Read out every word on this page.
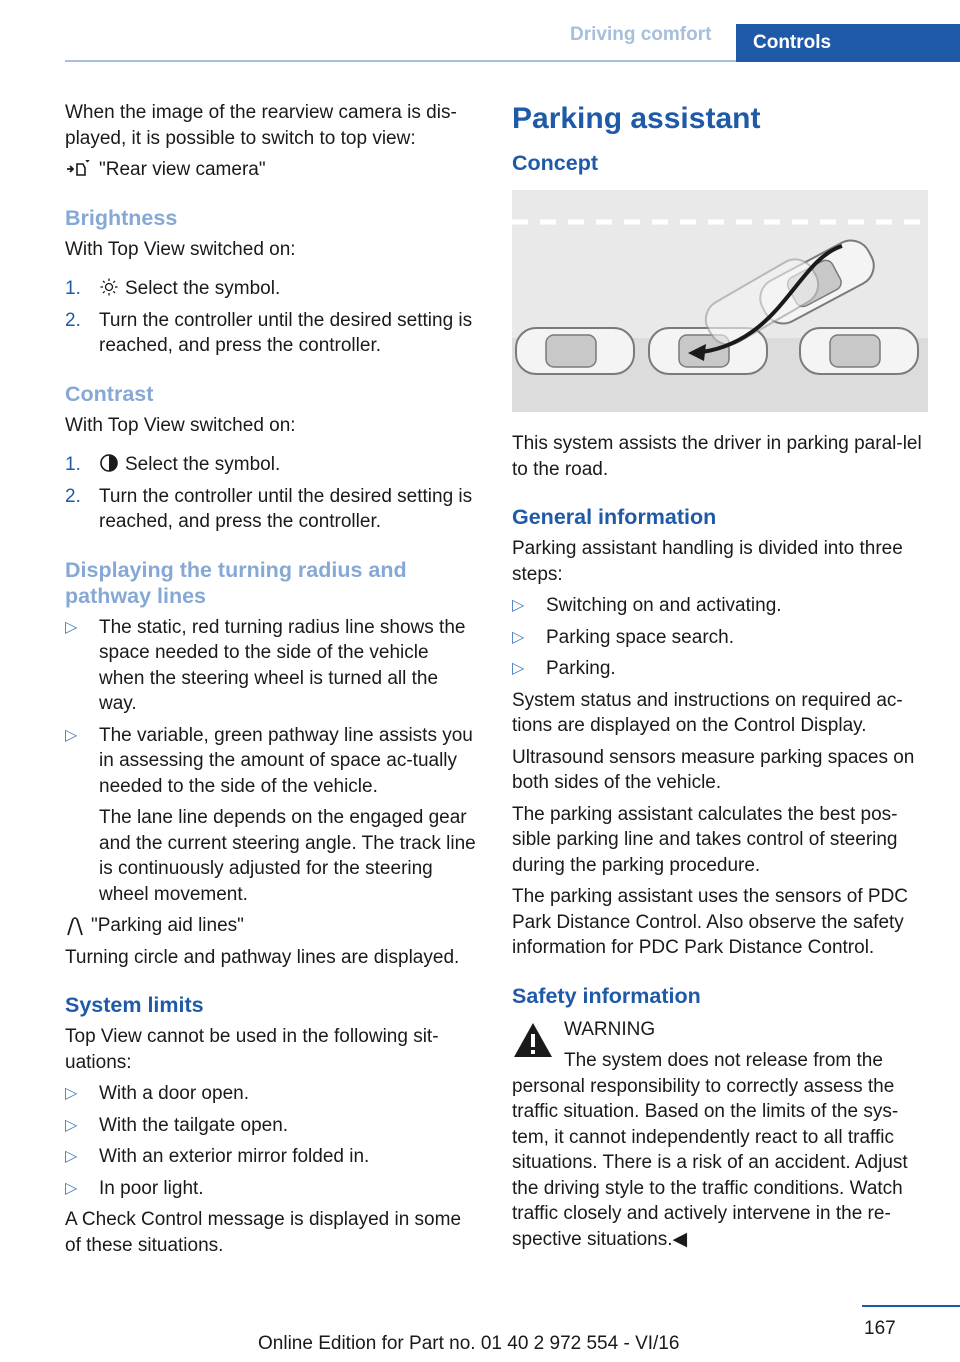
Driving comfort Controls

When the image of the rearview camera is dis‐played, it is possible to switch to top view:

"Rear view camera"
Brightness

With Top View switched on:

1. Select the symbol.
2. Turn the controller until the desired setting is reached, and press the controller.
Contrast

With Top View switched on:

1. Select the symbol.
2. Turn the controller until the desired setting is reached, and press the controller.
Displaying the turning radius and pathway lines
▷ The static, red turning radius line shows the space needed to the side of the vehicle when the steering wheel is turned all the way.
▷ The variable, green pathway line assists you in assessing the amount of space ac‐tually needed to the side of the vehicle.

The lane line depends on the engaged gear and the current steering angle. The track line is continuously adjusted for the steering wheel movement.

"Parking aid lines"

Turning circle and pathway lines are displayed.

System limits

Top View cannot be used in the following sit‐uations:

▷ With a door open.
▷ With the tailgate open.
▷ With an exterior mirror folded in.
▷ In poor light.

A Check Control message is displayed in some of these situations.

Parking assistant
Concept

This system assists the driver in parking paral‐lel to the road.

General information

Parking assistant handling is divided into three steps:

▷ Switching on and activating.
▷ Parking space search.
▷ Parking.

System status and instructions on required ac‐tions are displayed on the Control Display.

Ultrasound sensors measure parking spaces on both sides of the vehicle.

The parking assistant calculates the best pos‐sible parking line and takes control of steering during the parking procedure.

The parking assistant uses the sensors of PDC Park Distance Control. Also observe the safety information for PDC Park Distance Control.

Safety information

WARNING

The system does not release from the

personal responsibility to correctly assess the traffic situation. Based on the limits of the sys‐tem, it cannot independently react to all traffic situations. There is a risk of an accident. Adjust the driving style to the traffic conditions. Watch traffic closely and actively intervene in the re‐spective situations.◀

167
Online Edition for Part no. 01 40 2 972 554 - VI/16
